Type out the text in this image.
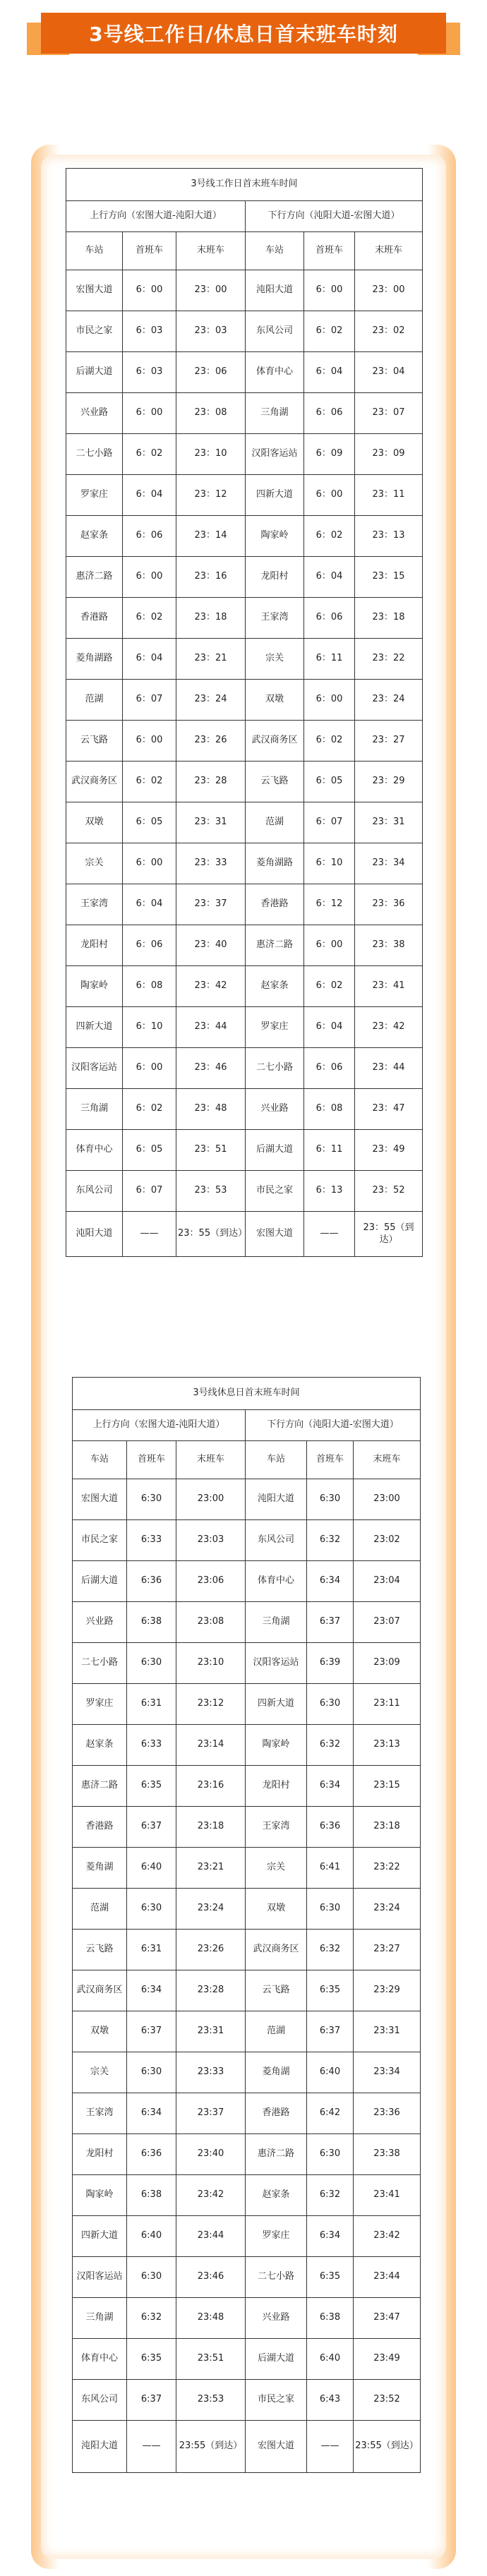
3号线工作日/休息日首末班车时刻
3号线工作日首末班车时间					
上行方向（宏图大道-沌阳大道）			下行方向（沌阳大道-宏图大道）		
车站	首班车	末班车	车站	首班车	末班车
宏图大道	6：00	23：00	沌阳大道	6：00	23：00
市民之家	6：03	23：03	东风公司	6：02	23：02
后湖大道	6：03	23：06	体育中心	6：04	23：04
兴业路	6：00	23：08	三角湖	6：06	23：07
二七小路	6：02	23：10	汉阳客运站	6：09	23：09
罗家庄	6：04	23：12	四新大道	6：00	23：11
赵家条	6：06	23：14	陶家岭	6：02	23：13
惠济二路	6：00	23：16	龙阳村	6：04	23：15
香港路	6：02	23：18	王家湾	6：06	23：18
菱角湖路	6：04	23：21	宗关	6：11	23：22
范湖	6：07	23：24	双墩	6：00	23：24
云飞路	6：00	23：26	武汉商务区	6：02	23：27
武汉商务区	6：02	23：28	云飞路	6：05	23：29
双墩	6：05	23：31	范湖	6：07	23：31
宗关	6：00	23：33	菱角湖路	6：10	23：34
王家湾	6：04	23：37	香港路	6：12	23：36
龙阳村	6：06	23：40	惠济二路	6：00	23：38
陶家岭	6：08	23：42	赵家条	6：02	23：41
四新大道	6：10	23：44	罗家庄	6：04	23：42
汉阳客运站	6：00	23：46	二七小路	6：06	23：44
三角湖	6：02	23：48	兴业路	6：08	23：47
体育中心	6：05	23：51	后湖大道	6：11	23：49
东风公司	6：07	23：53	市民之家	6：13	23：52
沌阳大道	——	23：55（到达）	宏图大道	——	23：55（到达）
3号线休息日首末班车时间					
上行方向（宏图大道-沌阳大道）			下行方向（沌阳大道-宏图大道）		
车站	首班车	末班车	车站	首班车	末班车
宏图大道	6:30	23:00	沌阳大道	6:30	23:00
市民之家	6:33	23:03	东风公司	6:32	23:02
后湖大道	6:36	23:06	体育中心	6:34	23:04
兴业路	6:38	23:08	三角湖	6:37	23:07
二七小路	6:30	23:10	汉阳客运站	6:39	23:09
罗家庄	6:31	23:12	四新大道	6:30	23:11
赵家条	6:33	23:14	陶家岭	6:32	23:13
惠济二路	6:35	23:16	龙阳村	6:34	23:15
香港路	6:37	23:18	王家湾	6:36	23:18
菱角湖	6:40	23:21	宗关	6:41	23:22
范湖	6:30	23:24	双墩	6:30	23:24
云飞路	6:31	23:26	武汉商务区	6:32	23:27
武汉商务区	6:34	23:28	云飞路	6:35	23:29
双墩	6:37	23:31	范湖	6:37	23:31
宗关	6:30	23:33	菱角湖	6:40	23:34
王家湾	6:34	23:37	香港路	6:42	23:36
龙阳村	6:36	23:40	惠济二路	6:30	23:38
陶家岭	6:38	23:42	赵家条	6:32	23:41
四新大道	6:40	23:44	罗家庄	6:34	23:42
汉阳客运站	6:30	23:46	二七小路	6:35	23:44
三角湖	6:32	23:48	兴业路	6:38	23:47
体育中心	6:35	23:51	后湖大道	6:40	23:49
东风公司	6:37	23:53	市民之家	6:43	23:52
沌阳大道	——	23:55（到达）	宏图大道	——	23:55（到达）
